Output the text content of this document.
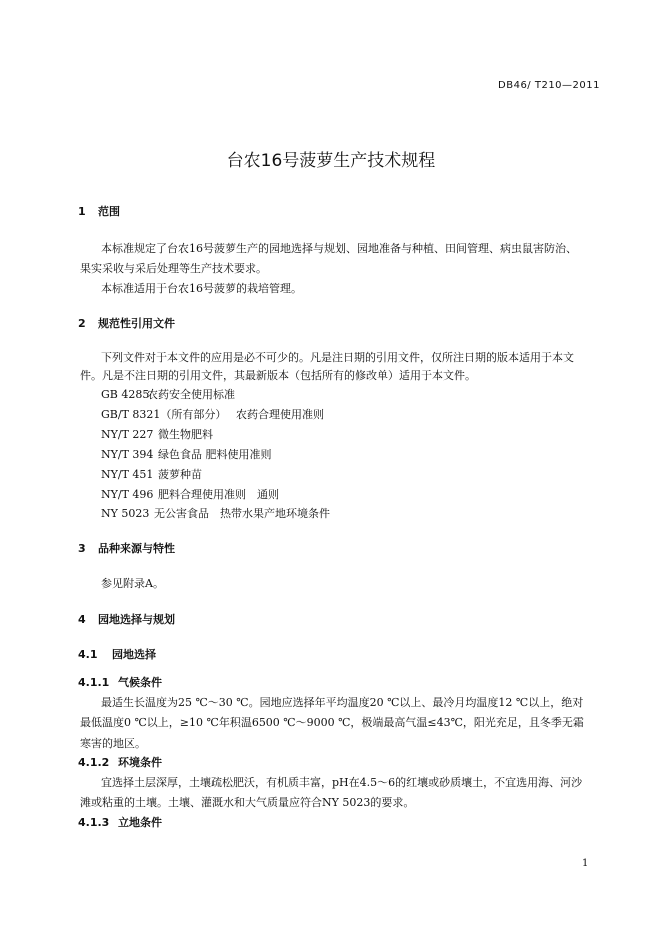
DB46/ T210—2011
台农16号菠萝生产技术规程
1 范围
本标准规定了台农16号菠萝生产的园地选择与规划、园地准备与种植、田间管理、病虫鼠害防治、
果实采收与采后处理等生产技术要求。
本标准适用于台农16号菠萝的栽培管理。
2 规范性引用文件
下列文件对于本文件的应用是必不可少的。凡是注日期的引用文件，仅所注日期的版本适用于本文
件。凡是不注日期的引用文件，其最新版本（包括所有的修改单）适用于本文件。
GB 4285农药安全使用标准
GB/T 8321（所有部分） 农药合理使用准则
NY/T 227 微生物肥料
NY/T 394 绿色食品 肥料使用准则
NY/T 451 菠萝种苗
NY/T 496 肥料合理使用准则　通则
NY 5023 无公害食品　热带水果产地环境条件
3 品种来源与特性
参见附录A。
4 园地选择与规划
4.1 园地选择
4.1.1 气候条件
最适生长温度为25 ℃～30 ℃。园地应选择年平均温度20 ℃以上、最冷月均温度12 ℃以上，绝对
最低温度0 ℃以上，≥10 ℃年积温6500 ℃～9000 ℃，极端最高气温≤43℃，阳光充足，且冬季无霜
寒害的地区。
4.1.2 环境条件
宜选择土层深厚，土壤疏松肥沃，有机质丰富，pH在4.5～6的红壤或砂质壤土，不宜选用海、河沙
滩或粘重的土壤。土壤、灌溉水和大气质量应符合NY 5023的要求。
4.1.3 立地条件
1
